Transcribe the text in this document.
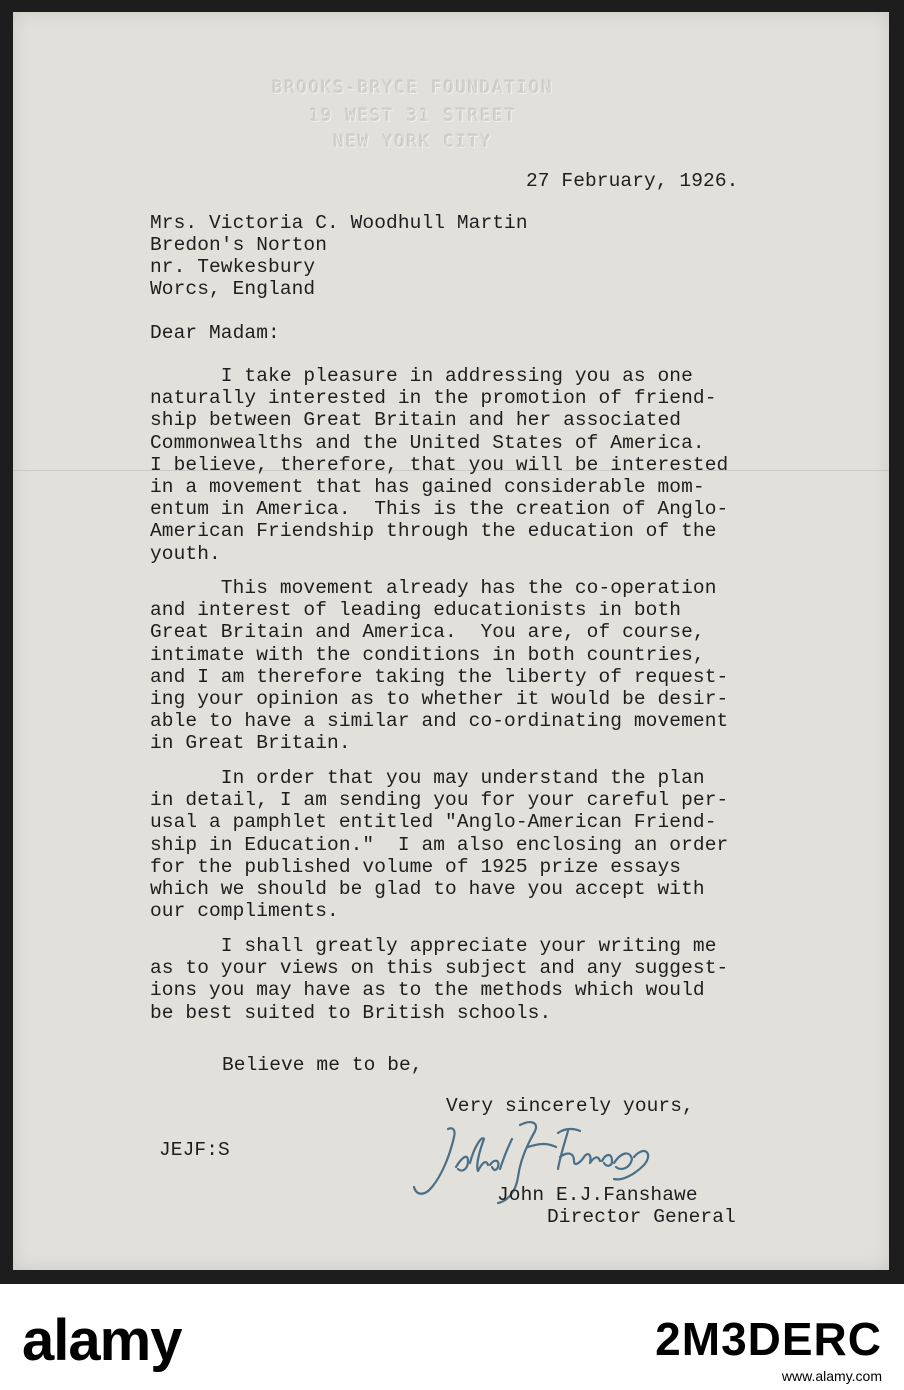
BROOKS-BRYCE FOUNDATION

19 WEST 31 STREET

NEW YORK CITY

27 February, 1926.

Mrs. Victoria C. Woodhull Martin

Bredon's Norton

nr. Tewkesbury

Worcs, England

Dear Madam:

I take pleasure in addressing you as one
naturally interested in the promotion of friend-
ship between Great Britain and her associated
Commonwealths and the United States of America.
I believe, therefore, that you will be interested
in a movement that has gained considerable mom-
entum in America.  This is the creation of Anglo-
American Friendship through the education of the
youth.

This movement already has the co-operation
and interest of leading educationists in both
Great Britain and America.  You are, of course,
intimate with the conditions in both countries,
and I am therefore taking the liberty of request-
ing your opinion as to whether it would be desir-
able to have a similar and co-ordinating movement
in Great Britain.

In order that you may understand the plan
in detail, I am sending you for your careful per-
usal a pamphlet entitled "Anglo-American Friend-
ship in Education."  I am also enclosing an order
for the published volume of 1925 prize essays
which we should be glad to have you accept with
our compliments.

I shall greatly appreciate your writing me
as to your views on this subject and any suggest-
ions you may have as to the methods which would
be best suited to British schools.

Believe me to be,

Very sincerely yours,

JEJF:S

John E.J.Fanshawe

Director General

alamy	2M3DERC

www.alamy.com
